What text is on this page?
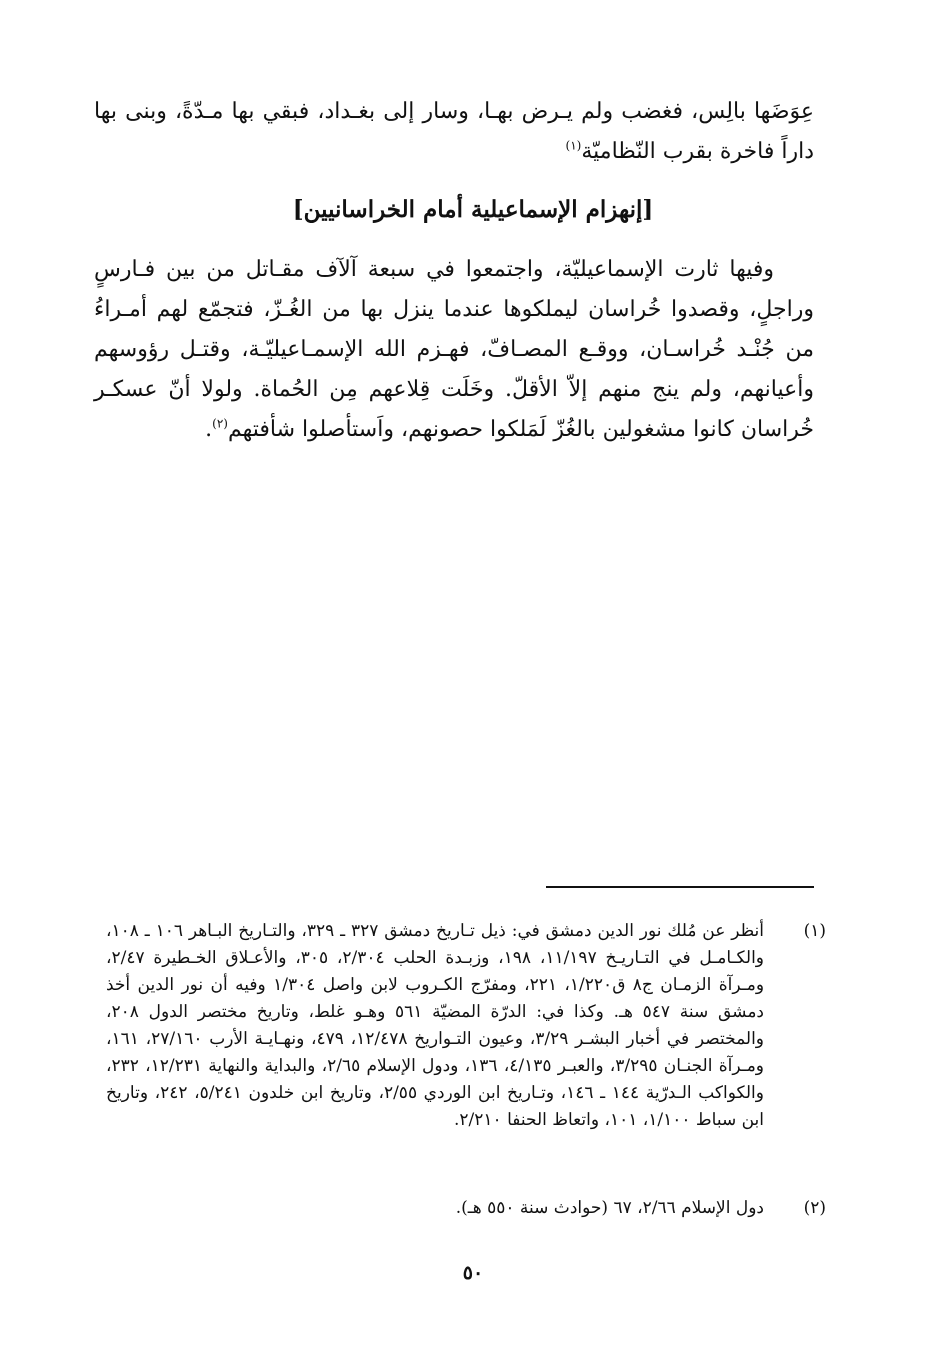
عِوَضَها بالِس، فغضب ولم يـرض بهـا، وسار إلى بغـداد، فبقي بها مـدّةً، وبنى بها داراً فاخرة بقرب النّظاميّة$^{(١)}$

[إنهزام الإسماعيلية أمام الخراسانيين]

وفيها ثارت الإسماعيليّة، واجتمعوا في سبعة آلآف مقـاتل من بين فـارسٍ وراجلٍ، وقصدوا خُراسان ليملكوها عندما ينزل بها من الغُـزّ، فتجمّع لهم أمـراءُ من جُنْـد خُراسـان، ووقـع المصـافّ، فهـزم الله الإسمـاعيليّـة، وقتـل رؤوسهم وأعيانهم، ولم ينج منهم إلاّ الأقلّ. وخَلَت قِلاعهم مِن الحُماة. ولولا أنّ عسكـر خُراسان كانوا مشغولين بالغُزّ لَمَلكوا حصونهم، واَستأصلوا شأفتهم$^{(٢)}$.

(١)
أنظر عن مُلك نور الدين دمشق في: ذيل تـاريخ دمشق ٣٢٧ ـ ٣٢٩، والتـاريخ البـاهر ١٠٦ ـ ١٠٨، والكـامـل في التـاريـخ ١١/١٩٧، ١٩٨، وزبـدة الحلب ٢/٣٠٤، ٣٠٥، والأعـلاق الخـطيرة ٢/٤٧، ومـرآة الزمـان ج٨ ق١/٢٢٠، ٢٢١، ومفرّج الكـروب لابن واصل ١/٣٠٤ وفيه أن نور الدين أخذ دمشق سنة ٥٤٧ هـ. وكذا في: الدرّة المضيّة ٥٦١ وهـو غلط، وتاريخ مختصر الدول ٢٠٨، والمختصر في أخبار البشـر ٣/٢٩، وعيون التـواريخ ١٢/٤٧٨، ٤٧٩، ونهـايـة الأرب ٢٧/١٦٠، ١٦١، ومـرآة الجنـان ٣/٢٩٥، والعبـر ٤/١٣٥، ١٣٦، ودول الإسلام ٢/٦٥، والبداية والنهاية ١٢/٢٣١، ٢٣٢، والكواكب الـدرّية ١٤٤ ـ ١٤٦، وتـاريخ ابن الوردي ٢/٥٥، وتاريخ ابن خلدون ٥/٢٤١، ٢٤٢، وتاريخ ابن سباط ١/١٠٠، ١٠١، واتعاظ الحنفا ٢/٢١٠.
(٢)
دول الإسلام ٢/٦٦، ٦٧ (حوادث سنة ٥٥٠ هـ).
٥٠
